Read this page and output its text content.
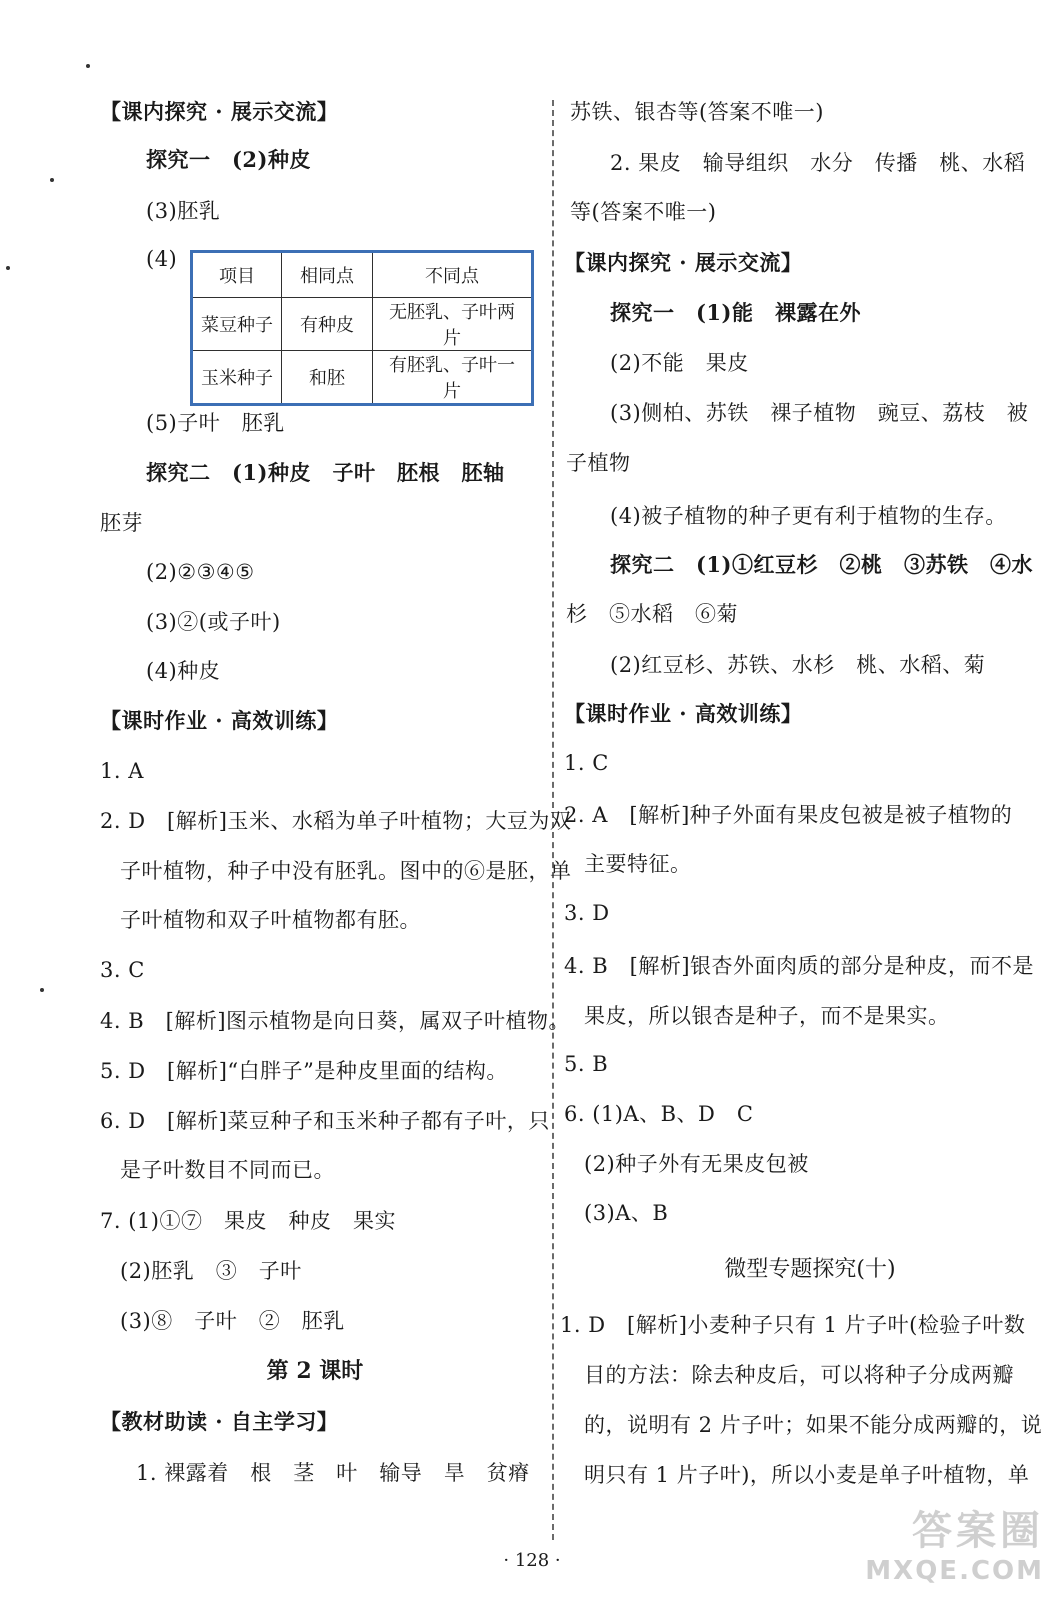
【课内探究 · 展示交流】
探究一　(2)种皮
(3)胚乳
(4)
项目	相同点	不同点
菜豆种子	有种皮	无胚乳、子叶两片
玉米种子	和胚	有胚乳、子叶一片
(5)子叶　胚乳
探究二　(1)种皮　子叶　胚根　胚轴
胚芽
(2)②③④⑤
(3)②(或子叶)
(4)种皮
【课时作业 · 高效训练】
1. A
2. D　[解析]玉米、水稻为单子叶植物；大豆为双
子叶植物，种子中没有胚乳。图中的⑥是胚，单
子叶植物和双子叶植物都有胚。
3. C
4. B　[解析]图示植物是向日葵，属双子叶植物。
5. D　[解析]“白胖子”是种皮里面的结构。
6. D　[解析]菜豆种子和玉米种子都有子叶，只
是子叶数目不同而已。
7. (1)①⑦　果皮　种皮　果实
(2)胚乳　③　子叶
(3)⑧　子叶　②　胚乳
第 2 课时
【教材助读 · 自主学习】
1. 裸露着　根　茎　叶　输导　旱　贫瘠
苏铁、银杏等(答案不唯一)
2. 果皮　输导组织　水分　传播　桃、水稻
等(答案不唯一)
【课内探究 · 展示交流】
探究一　(1)能　裸露在外
(2)不能　果皮
(3)侧柏、苏铁　裸子植物　豌豆、荔枝　被
子植物
(4)被子植物的种子更有利于植物的生存。
探究二　(1)①红豆杉　②桃　③苏铁　④水
杉　⑤水稻　⑥菊
(2)红豆杉、苏铁、水杉　桃、水稻、菊
【课时作业 · 高效训练】
1. C
2. A　[解析]种子外面有果皮包被是被子植物的
主要特征。
3. D
4. B　[解析]银杏外面肉质的部分是种皮，而不是
果皮，所以银杏是种子，而不是果实。
5. B
6. (1)A、B、D　C
(2)种子外有无果皮包被
(3)A、B
微型专题探究(十)
1. D　[解析]小麦种子只有 1 片子叶(检验子叶数
目的方法：除去种皮后，可以将种子分成两瓣
的，说明有 2 片子叶；如果不能分成两瓣的，说
明只有 1 片子叶)，所以小麦是单子叶植物，单
· 128 ·
答案圈
MXQE.COM
